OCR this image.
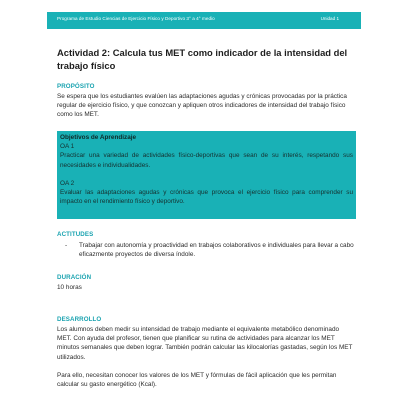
Programa de Estudio Ciencias de Ejercicio Físico y Deportivo 3° a 4° medio	Unidad 1
Actividad 2: Calcula tus MET como indicador de la intensidad del trabajo físico
PROPÓSITO
Se espera que los estudiantes evalúen las adaptaciones agudas y crónicas provocadas por la práctica regular de ejercicio físico, y que conozcan y apliquen otros indicadores de intensidad del trabajo físico como los MET.
Objetivos de Aprendizaje
OA 1
Practicar una variedad de actividades físico-deportivas que sean de su interés, respetando sus necesidades e individualidades.
OA 2
Evaluar las adaptaciones agudas y crónicas que provoca el ejercicio físico para comprender su impacto en el rendimiento físico y deportivo.
ACTITUDES
- Trabajar con autonomía y proactividad en trabajos colaborativos e individuales para llevar a cabo eficazmente proyectos de diversa índole.
DURACIÓN
10 horas
DESARROLLO
Los alumnos deben medir su intensidad de trabajo mediante el equivalente metabólico denominado MET. Con ayuda del profesor, tienen que planificar su rutina de actividades para alcanzar los MET minutos semanales que deben lograr. También podrán calcular las kilocalorías gastadas, según los MET utilizados.
Para ello, necesitan conocer los valores de los MET y fórmulas de fácil aplicación que les permitan calcular su gasto energético (Kcal).
